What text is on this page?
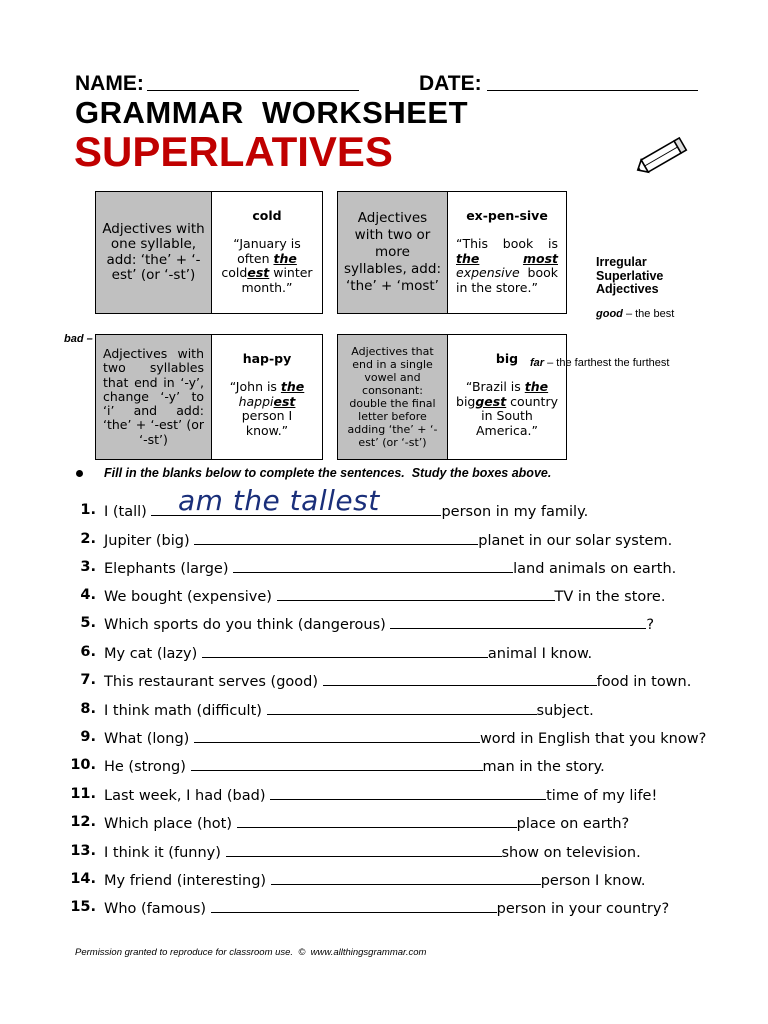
NAME:	DATE:
GRAMMAR  WORKSHEET
SUPERLATIVES
Adjectives with one syllable, add: ‘the’ + ‘-est’ (or ‘-st’)
cold
“January is often the coldest winter month.”
Adjectives with two or more syllables, add: ‘the’ + ‘most’
ex-pen-sive
“This book is the	most expensive book in the store.”
Irregular Superlative Adjectives
good – the best
bad –
far – the farthest the furthest
Adjectives with two syllables that end in ‘-y’, change ‘-y’ to ‘i’ and add: ‘the’ + ‘-est’ (or ‘-st’)
hap-py
“John is the happiest person I know.”
Adjectives that end in a single vowel and consonant: double the final letter before adding ‘the’ + ‘-est’ (or ‘-st’)
big
“Brazil is the biggest country in South America.”
Fill in the blanks below to complete the sentences.  Study the boxes above.
am the tallest
1. I (tall)	person in my family.
2. Jupiter (big)	planet in our solar system.
3. Elephants (large)	land animals on earth.
4. We bought (expensive)	TV in the store.
5. Which sports do you think (dangerous)	?
6. My cat (lazy)	animal I know.
7. This restaurant serves (good)	food in town.
8. I think math (difficult)	subject.
9. What (long)	word in English that you know?
10. He (strong)	man in the story.
11. Last week, I had (bad)	time of my life!
12. Which place (hot)	place on earth?
13. I think it (funny)	show on television.
14. My friend (interesting)	person I know.
15. Who (famous)	person in your country?
Permission granted to reproduce for classroom use.  ©  www.allthingsgrammar.com
